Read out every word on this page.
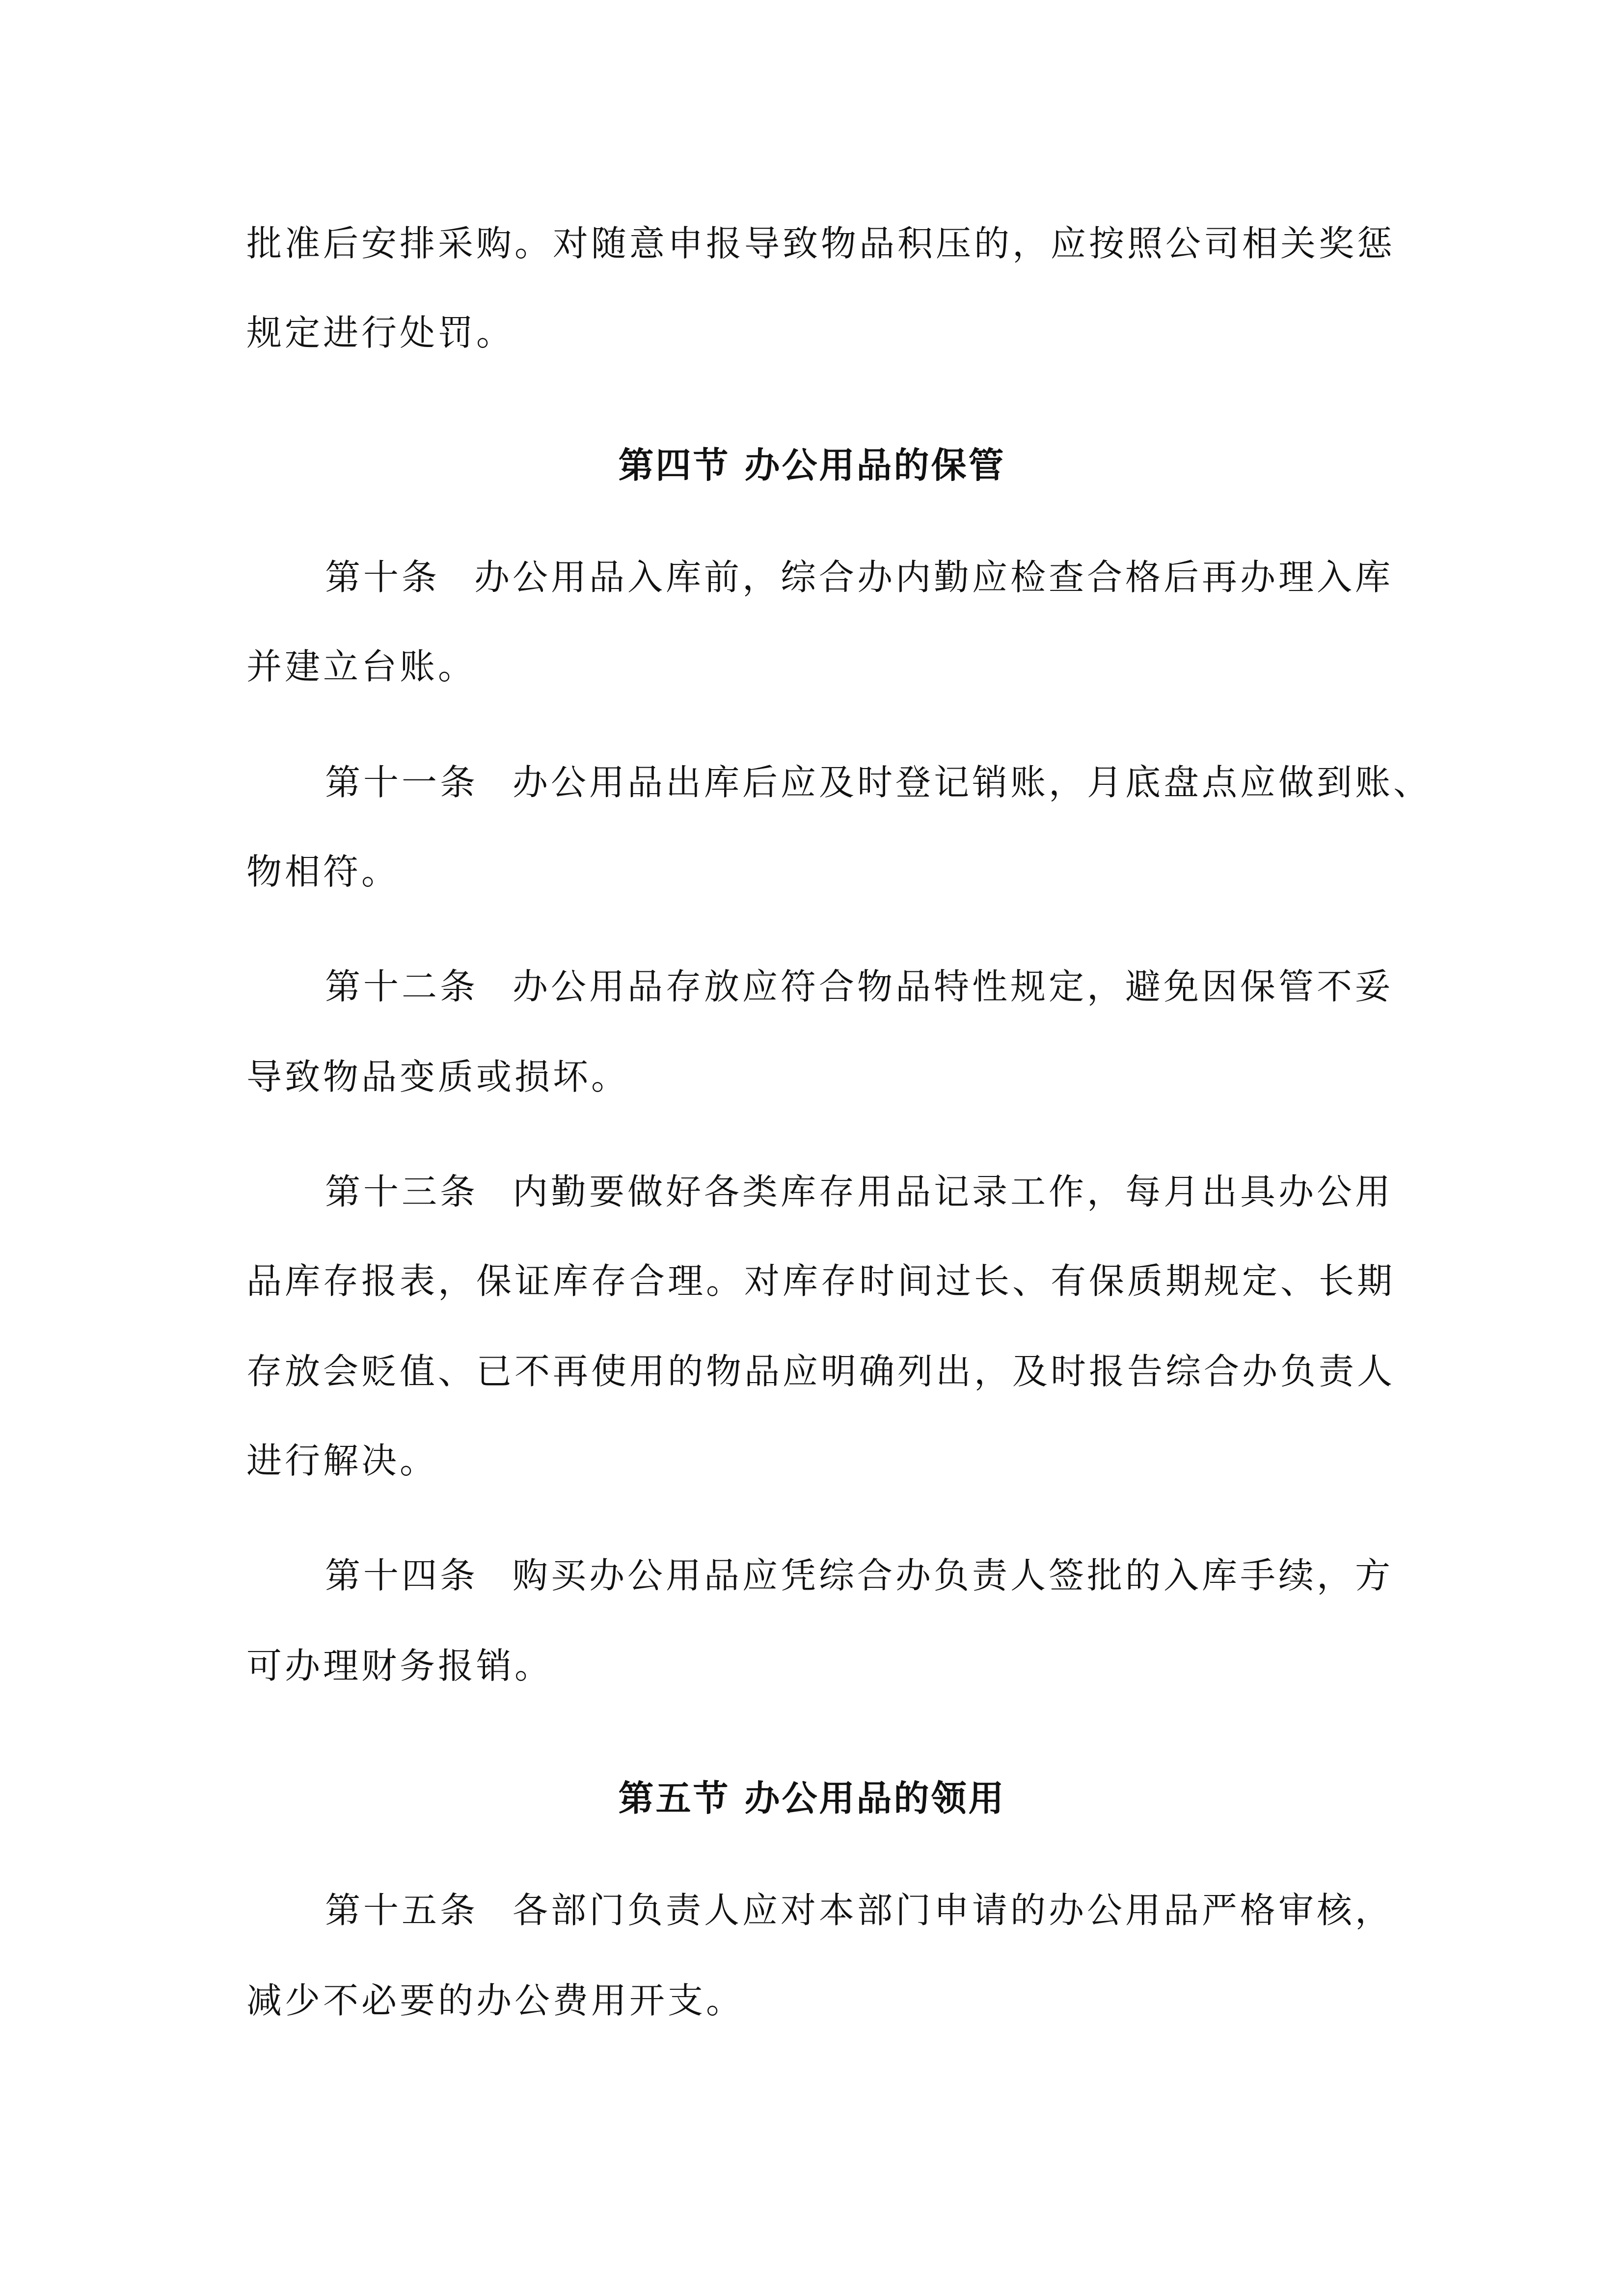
批准后安排采购。对随意申报导致物品积压的，应按照公司相关奖惩
规定进行处罚。
第四节 办公用品的保管
第十条 办公用品入库前，综合办内勤应检查合格后再办理入库
并建立台账。
第十一条 办公用品出库后应及时登记销账，月底盘点应做到账、
物相符。
第十二条 办公用品存放应符合物品特性规定，避免因保管不妥
导致物品变质或损坏。
第十三条 内勤要做好各类库存用品记录工作，每月出具办公用
品库存报表，保证库存合理。对库存时间过长、有保质期规定、长期
存放会贬值、已不再使用的物品应明确列出，及时报告综合办负责人
进行解决。
第十四条 购买办公用品应凭综合办负责人签批的入库手续，方
可办理财务报销。
第五节 办公用品的领用
第十五条 各部门负责人应对本部门申请的办公用品严格审核，
减少不必要的办公费用开支。
